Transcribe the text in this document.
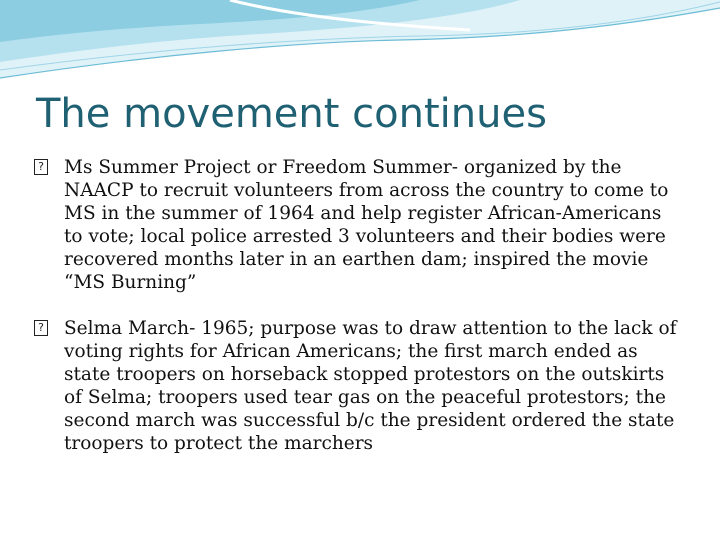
The movement continues
? Ms Summer Project or Freedom Summer- organized by the NAACP to recruit volunteers from across the country to come to MS in the summer of 1964 and help register African-Americans to vote; local police arrested 3 volunteers and their bodies were recovered months later in an earthen dam; inspired the movie “MS Burning”
? Selma March- 1965; purpose was to draw attention to the lack of voting rights for African Americans; the first march ended as state troopers on horseback stopped protestors on the outskirts of Selma; troopers used tear gas on the peaceful protestors; the second march was successful b/c the president ordered the state troopers to protect the marchers
